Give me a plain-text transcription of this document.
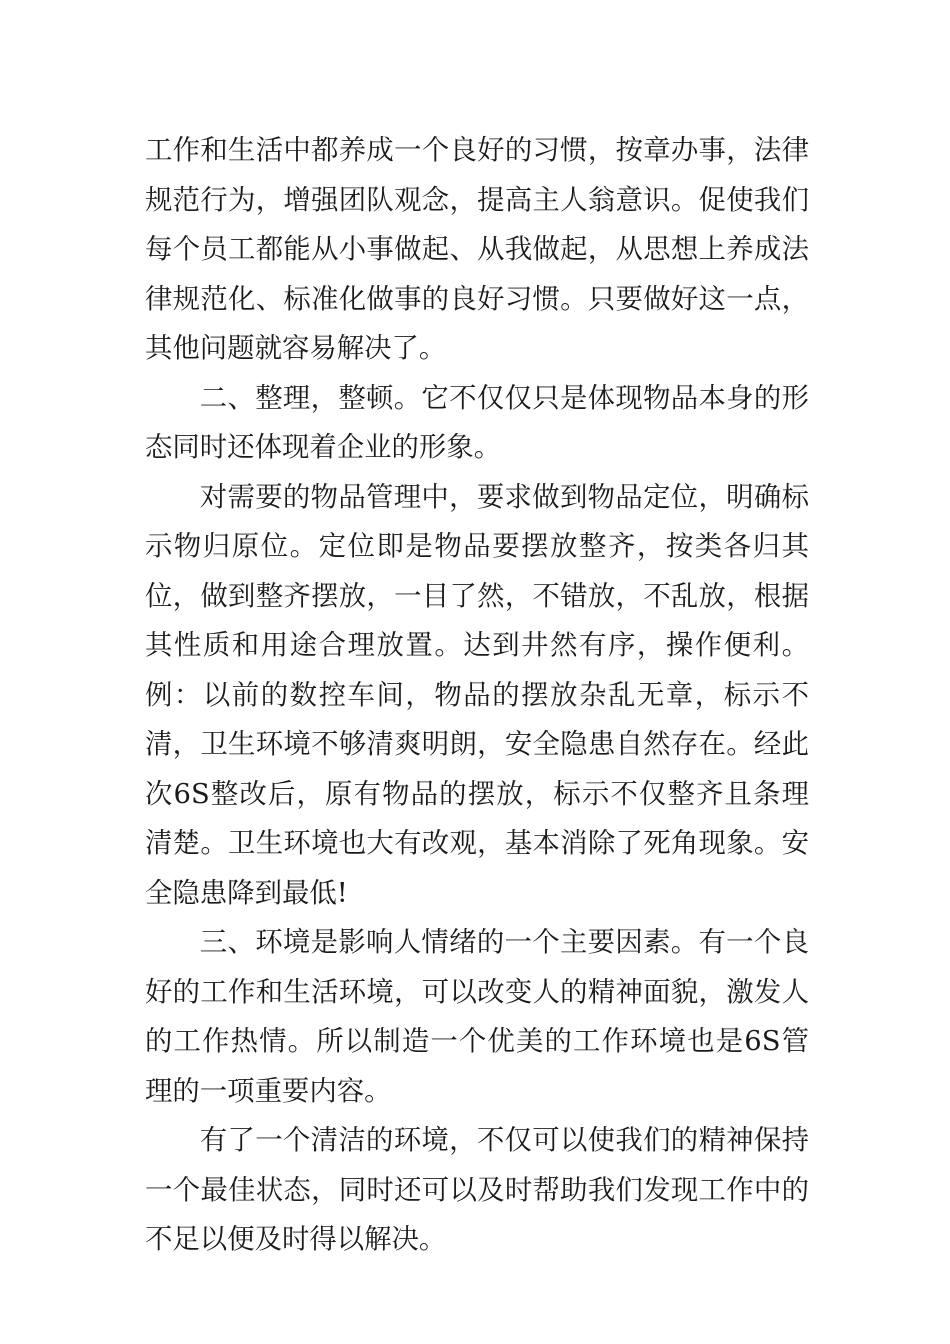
工作和生活中都养成一个良好的习惯，按章办事，法律规范行为，增强团队观念，提高主人翁意识。促使我们每个员工都能从小事做起、从我做起，从思想上养成法律规范化、标准化做事的良好习惯。只要做好这一点，其他问题就容易解决了。

二、整理，整顿。它不仅仅只是体现物品本身的形态同时还体现着企业的形象。

对需要的物品管理中，要求做到物品定位，明确标示物归原位。定位即是物品要摆放整齐，按类各归其位，做到整齐摆放，一目了然，不错放，不乱放，根据其性质和用途合理放置。达到井然有序，操作便利。例：以前的数控车间，物品的摆放杂乱无章，标示不清，卫生环境不够清爽明朗，安全隐患自然存在。经此次6S整改后，原有物品的摆放，标示不仅整齐且条理清楚。卫生环境也大有改观，基本消除了死角现象。安全隐患降到最低!

三、环境是影响人情绪的一个主要因素。有一个良好的工作和生活环境，可以改变人的精神面貌，激发人的工作热情。所以制造一个优美的工作环境也是6S管理的一项重要内容。

有了一个清洁的环境，不仅可以使我们的精神保持一个最佳状态，同时还可以及时帮助我们发现工作中的不足以便及时得以解决。
